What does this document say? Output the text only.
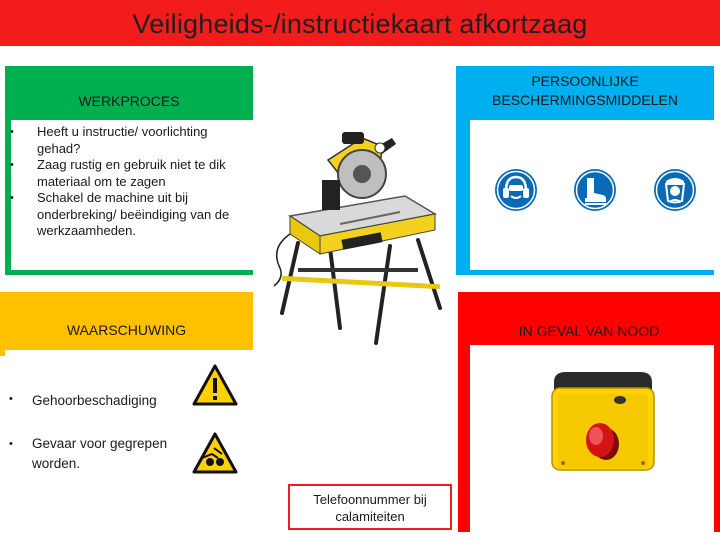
Veiligheids-/instructiekaart afkortzaag
WERKPROCES
PERSOONLIJKE BESCHERMINGSMIDDELEN
WAARSCHUWING	IN GEVAL VAN NOOD
• Heeft u instructie/ voorlichting gehad?
• Zaag rustig en gebruik niet te dik materiaal om te zagen
• Schakel de machine uit bij onderbreking/ beëindiging van de werkzaamheden.
• Gehoorbeschadiging
• Gevaar voor gegrepen worden.
Telefoonnummer bij calamiteiten
